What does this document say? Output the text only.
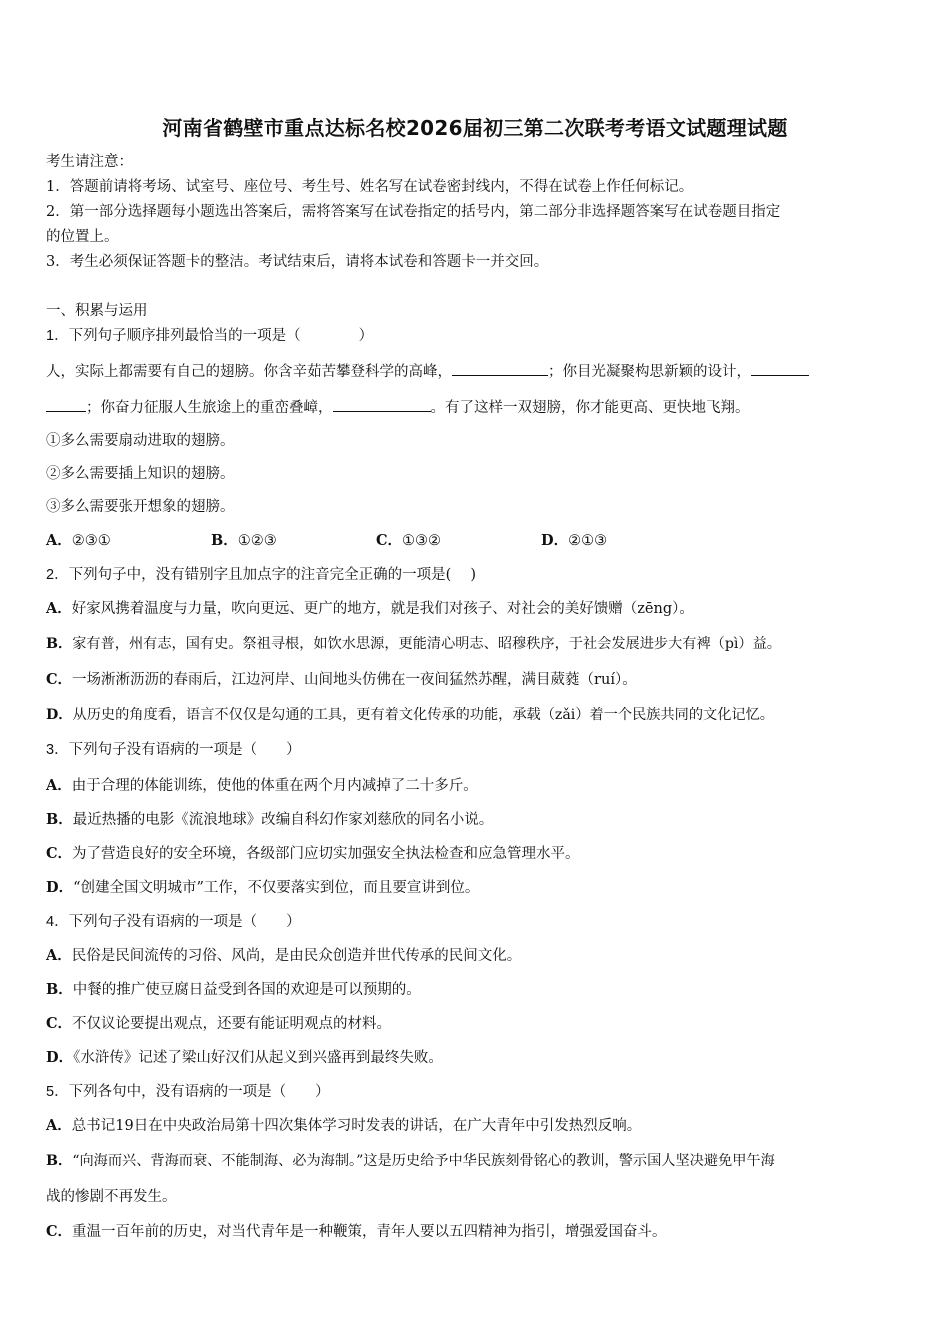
河南省鹤壁市重点达标名校2026届初三第二次联考考语文试题理试题
考生请注意：
1．答题前请将考场、试室号、座位号、考生号、姓名写在试卷密封线内，不得在试卷上作任何标记。
2．第一部分选择题每小题选出答案后，需将答案写在试卷指定的括号内，第二部分非选择题答案写在试卷题目指定
的位置上。
3．考生必须保证答题卡的整洁。考试结束后，请将本试卷和答题卡一并交回。
一、积累与运用
1．下列句子顺序排列最恰当的一项是（　　　　）
人，实际上都需要有自己的翅膀。你含辛茹苦攀登科学的高峰，	；你目光凝聚构思新颖的设计，
；你奋力征服人生旅途上的重峦叠嶂，	。有了这样一双翅膀，你才能更高、更快地飞翔。
①多么需要扇动进取的翅膀。
②多么需要插上知识的翅膀。
③多么需要张开想象的翅膀。
A．②③①	B．①②③	C．①③②	D．②①③
2．下列句子中，没有错别字且加点字的注音完全正确的一项是(　 )
A．好家风携着温度与力量，吹向更远、更广的地方，就是我们对孩子、对社会的美好馈赠（zēng）。
B．家有普，州有志，国有史。祭祖寻根，如饮水思源，更能清心明志、昭穆秩序，于社会发展进步大有裨（pì）益。
C．一场淅淅沥沥的春雨后，江边河岸、山间地头仿佛在一夜间猛然苏醒，满目葳蕤（ruí）。
D．从历史的角度看，语言不仅仅是勾通的工具，更有着文化传承的功能，承载（zǎi）着一个民族共同的文化记忆。
3．下列句子没有语病的一项是（　　）
A．由于合理的体能训练，使他的体重在两个月内减掉了二十多斤。
B．最近热播的电影《流浪地球》改编自科幻作家刘慈欣的同名小说。
C．为了营造良好的安全环境，各级部门应切实加强安全执法检查和应急管理水平。
D．“创建全国文明城市”工作，不仅要落实到位，而且要宣讲到位。
4．下列句子没有语病的一项是（　　）
A．民俗是民间流传的习俗、风尚，是由民众创造并世代传承的民间文化。
B．中餐的推广使豆腐日益受到各国的欢迎是可以预期的。
C．不仅议论要提出观点，还要有能证明观点的材料。
D．《水浒传》记述了梁山好汉们从起义到兴盛再到最终失败。
5．下列各句中，没有语病的一项是（　　）
A．总书记19日在中央政治局第十四次集体学习时发表的讲话，在广大青年中引发热烈反响。
B．“向海而兴、背海而衰、不能制海、必为海制。”这是历史给予中华民族刻骨铭心的教训，警示国人坚决避免甲午海
战的惨剧不再发生。
C．重温一百年前的历史，对当代青年是一种鞭策，青年人要以五四精神为指引，增强爱国奋斗。
